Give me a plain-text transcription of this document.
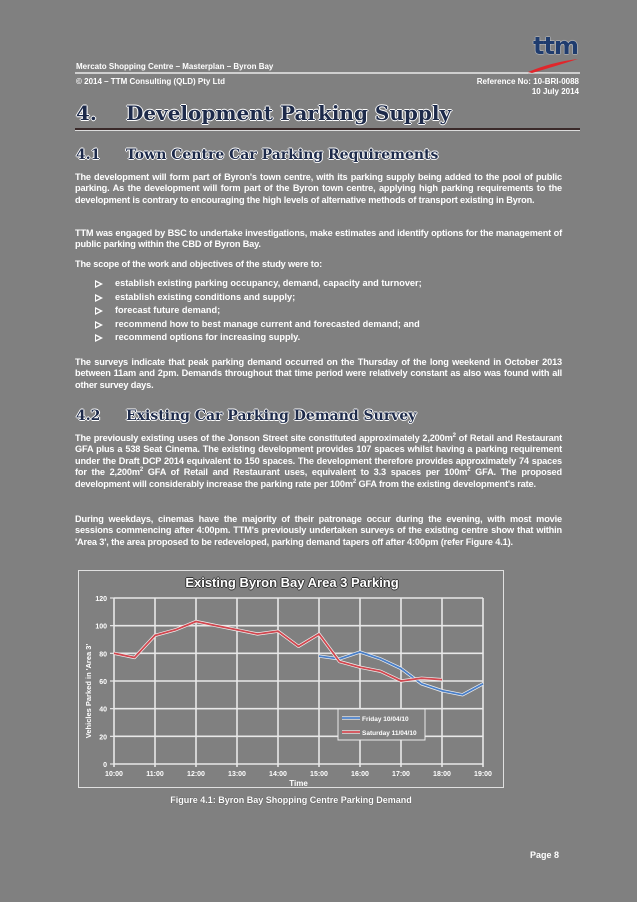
Mercato Shopping Centre – Masterplan – Byron Bay
© 2014 – TTM Consulting (QLD) Pty Ltd	Reference No: 10-BRI-0088
10 July 2014
ttm
4. Development Parking Supply
4.1 Town Centre Car Parking Requirements
The development will form part of Byron's town centre, with its parking supply being added to the pool of public parking. As the development will form part of the Byron town centre, applying high parking requirements to the development is contrary to encouraging the high levels of alternative methods of transport existing in Byron.
TTM was engaged by BSC to undertake investigations, make estimates and identify options for the management of public parking within the CBD of Byron Bay.
The scope of the work and objectives of the study were to:
establish existing parking occupancy, demand, capacity and turnover;
establish existing conditions and supply;
forecast future demand;
recommend how to best manage current and forecasted demand; and
recommend options for increasing supply.
The surveys indicate that peak parking demand occurred on the Thursday of the long weekend in October 2013 between 11am and 2pm. Demands throughout that time period were relatively constant as also was found with all other survey days.
4.2 Existing Car Parking Demand Survey
The previously existing uses of the Jonson Street site constituted approximately $2,200m^2$ of Retail and Restaurant GFA plus a 538 Seat Cinema. The existing development provides 107 spaces whilst having a parking requirement under the Draft DCP 2014 equivalent to 150 spaces. The development therefore provides approximately 74 spaces for the $2,200m^2$ GFA of Retail and Restaurant uses, equivalent to 3.3 spaces per $100m^2$ GFA. The proposed development will considerably increase the parking rate per $100m^2$ GFA from the existing development's rate.
During weekdays, cinemas have the majority of their patronage occur during the evening, with most movie sessions commencing after 4:00pm. TTM's previously undertaken surveys of the existing centre show that within 'Area 3', the area proposed to be redeveloped, parking demand tapers off after 4:00pm (refer Figure 4.1).
Existing Byron Bay Area 3 Parking
0
20
40
60
80
100
120
10:00	11:00	12:00	13:00	14:00	15:00	16:00	17:00	18:00	19:00
Time
Vehicles Parked in 'Area 3'	Friday 10/04/10
Saturday 11/04/10
Figure 4.1: Byron Bay Shopping Centre Parking Demand
Page 8
